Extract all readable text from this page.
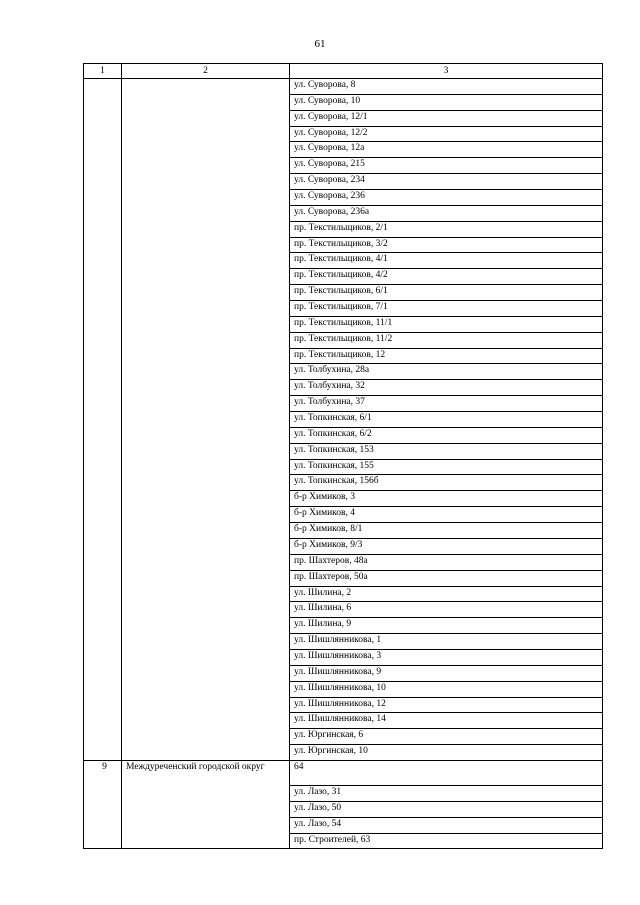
61
1	2	3
		ул. Суворова, 8
		ул. Суворова, 10
		ул. Суворова, 12/1
		ул. Суворова, 12/2
		ул. Суворова, 12а
		ул. Суворова, 215
		ул. Суворова, 234
		ул. Суворова, 236
		ул. Суворова, 236а
		пр. Текстильщиков, 2/1
		пр. Текстильщиков, 3/2
		пр. Текстильщиков, 4/1
		пр. Текстильщиков, 4/2
		пр. Текстильщиков, 6/1
		пр. Текстильщиков, 7/1
		пр. Текстильщиков, 11/1
		пр. Текстильщиков, 11/2
		пр. Текстильщиков, 12
		ул. Толбухина, 28а
		ул. Толбухина, 32
		ул. Толбухина, 37
		ул. Топкинская, 6/1
		ул. Топкинская, 6/2
		ул. Топкинская, 153
		ул. Топкинская, 155
		ул. Топкинская, 156б
		б-р Химиков, 3
		б-р Химиков, 4
		б-р Химиков, 8/1
		б-р Химиков, 9/3
		пр. Шахтеров, 48а
		пр. Шахтеров, 50а
		ул. Шилина, 2
		ул. Шилина, 6
		ул. Шилина, 9
		ул. Шишлянникова, 1
		ул. Шишлянникова, 3
		ул. Шишлянникова, 9
		ул. Шишлянникова, 10
		ул. Шишлянникова, 12
		ул. Шишлянникова, 14
		ул. Юргинская, 6
		ул. Юргинская, 10
9	Междуреченский городской округ	64
		ул. Лазо, 31
		ул. Лазо, 50
		ул. Лазо, 54
		пр. Строителей, 63
